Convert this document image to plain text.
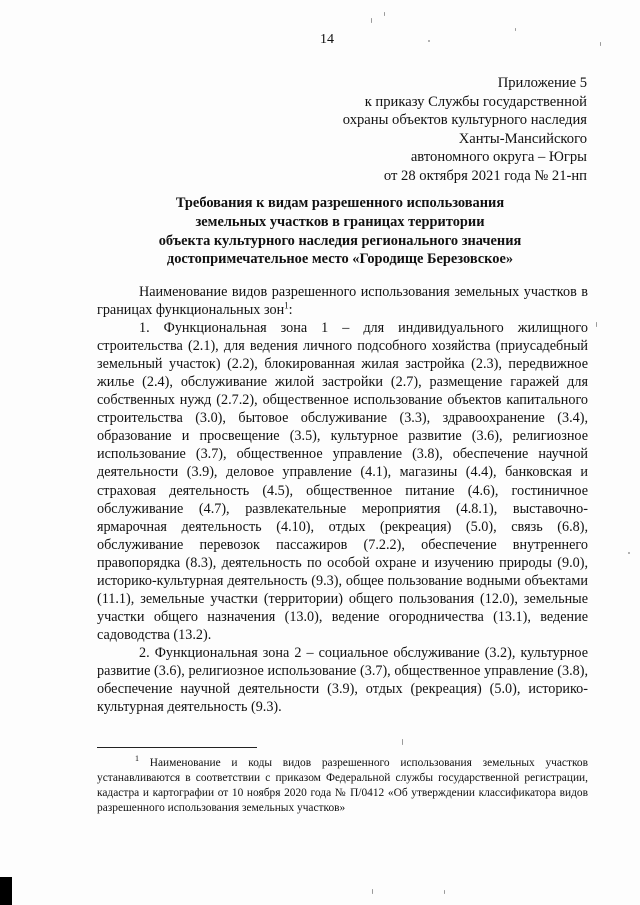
14
Приложение 5
к приказу Службы государственной
охраны объектов культурного наследия
Ханты-Мансийского
автономного округа – Югры
от 28 октября 2021 года № 21-нп
Требования к видам разрешенного использования
земельных участков в границах территории
объекта культурного наследия регионального значения
достопримечательное место «Городище Березовское»

Наименование видов разрешенного использования земельных участков в границах функциональных зон$^1$:

1. Функциональная зона 1 – для индивидуального жилищного строительства (2.1), для ведения личного подсобного хозяйства (приусадебный земельный участок) (2.2), блокированная жилая застройка (2.3), передвижное жилье (2.4), обслуживание жилой застройки (2.7), размещение гаражей для собственных нужд (2.7.2), общественное использование объектов капитального строительства (3.0), бытовое обслуживание (3.3), здравоохранение (3.4), образование и просвещение (3.5), культурное развитие (3.6), религиозное использование (3.7), общественное управление (3.8), обеспечение научной деятельности (3.9), деловое управление (4.1), магазины (4.4), банковская и страховая деятельность (4.5), общественное питание (4.6), гостиничное обслуживание (4.7), развлекательные мероприятия (4.8.1), выставочно-ярмарочная деятельность (4.10), отдых (рекреация) (5.0), связь (6.8), обслуживание перевозок пассажиров (7.2.2), обеспечение внутреннего правопорядка (8.3), деятельность по особой охране и изучению природы (9.0), историко-культурная деятельность (9.3), общее пользование водными объектами (11.1), земельные участки (территории) общего пользования (12.0), земельные участки общего назначения (13.0), ведение огородничества (13.1), ведение садоводства (13.2).

2. Функциональная зона 2 – социальное обслуживание (3.2), культурное развитие (3.6), религиозное использование (3.7), общественное управление (3.8), обеспечение научной деятельности (3.9), отдых (рекреация) (5.0), историко-культурная деятельность (9.3).

$^1$ Наименование и коды видов разрешенного использования земельных участков устанавливаются в соответствии с приказом Федеральной службы государственной регистрации, кадастра и картографии от 10 ноября 2020 года № П/0412 «Об утверждении классификатора видов разрешенного использования земельных участков»
